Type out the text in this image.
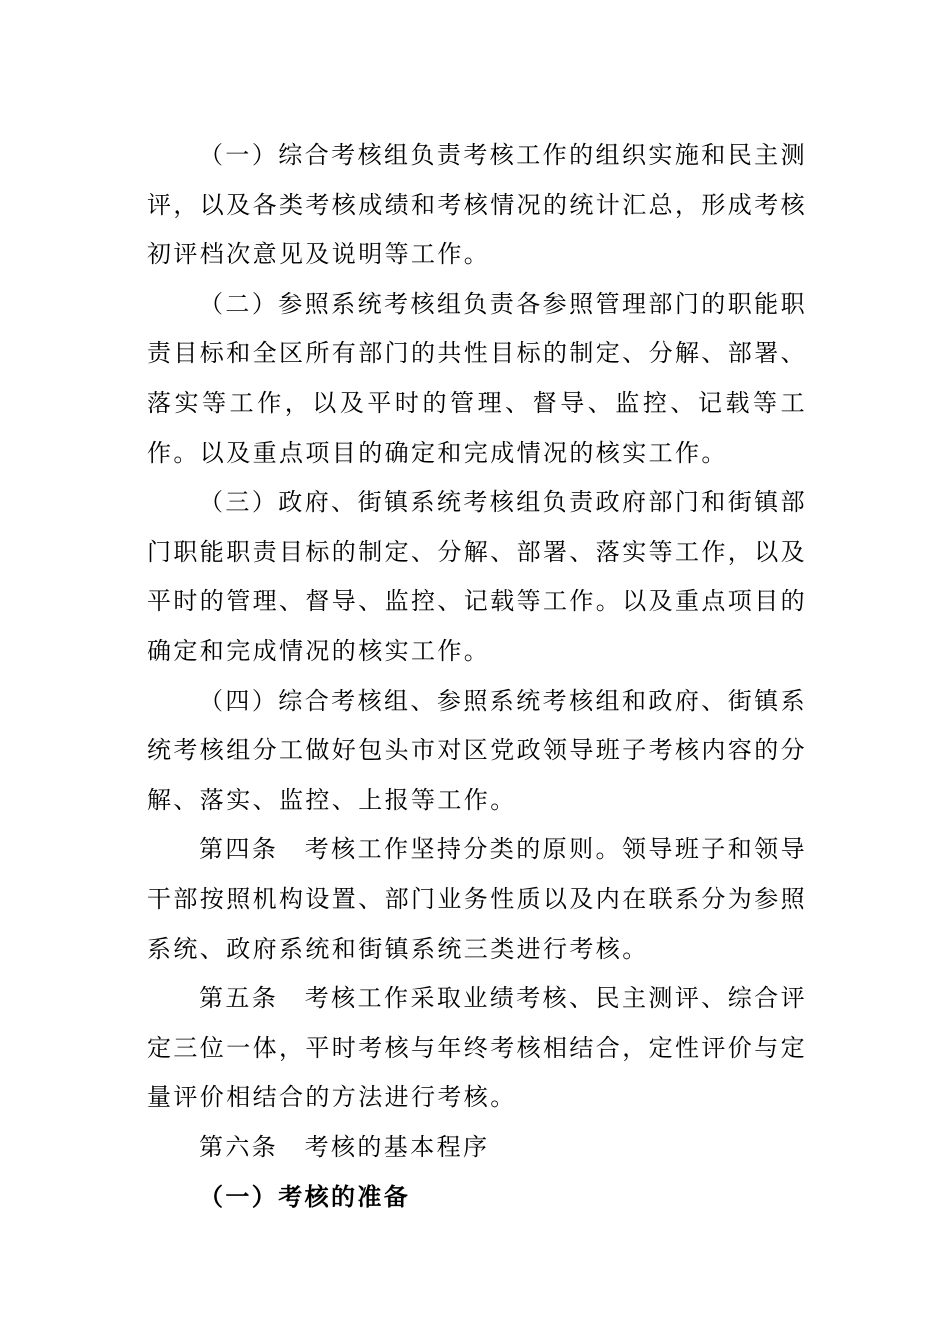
（一）综合考核组负责考核工作的组织实施和民主测评，以及各类考核成绩和考核情况的统计汇总，形成考核初评档次意见及说明等工作。

（二）参照系统考核组负责各参照管理部门的职能职责目标和全区所有部门的共性目标的制定、分解、部署、落实等工作，以及平时的管理、督导、监控、记载等工作。以及重点项目的确定和完成情况的核实工作。

（三）政府、街镇系统考核组负责政府部门和街镇部门职能职责目标的制定、分解、部署、落实等工作，以及平时的管理、督导、监控、记载等工作。以及重点项目的确定和完成情况的核实工作。

（四）综合考核组、参照系统考核组和政府、街镇系统考核组分工做好包头市对区党政领导班子考核内容的分解、落实、监控、上报等工作。

第四条　考核工作坚持分类的原则。领导班子和领导干部按照机构设置、部门业务性质以及内在联系分为参照系统、政府系统和街镇系统三类进行考核。

第五条　考核工作采取业绩考核、民主测评、综合评定三位一体，平时考核与年终考核相结合，定性评价与定量评价相结合的方法进行考核。

第六条　考核的基本程序

（一）考核的准备
